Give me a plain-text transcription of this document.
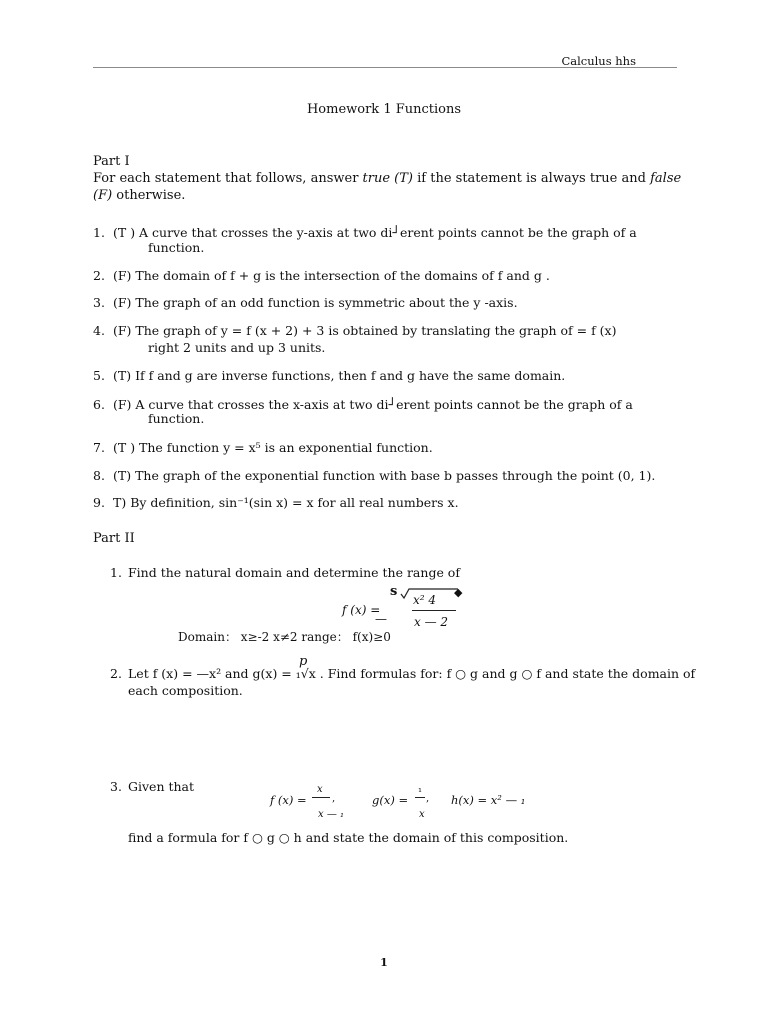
Calculus hhs
Homework 1 Functions
Part I
For each statement that follows, answer true (T) if the statement is always true and false
(F) otherwise.
1. (T ) A curve that crosses the y-axis at two di┘erent points cannot be the graph of a
function.
2. (F) The domain of f + g is the intersection of the domains of f and g .
3. (F) The graph of an odd function is symmetric about the y -axis.
4. (F) The graph of y = f (x + 2) + 3 is obtained by translating the graph of = f (x)
right 2 units and up 3 units.
5. (T) If f and g are inverse functions, then f and g have the same domain.
6. (F) A curve that crosses the x-axis at two di┘erent points cannot be the graph of a
function.
7. (T ) The function y = x⁵ is an exponential function.
8. (T) The graph of the exponential function with base b passes through the point (0, 1).
9. T) By definition, sin⁻¹(sin x) = x for all real numbers x.
Part II
1. Find the natural domain and determine the range of
s
x² 4
◆
f (x) =
— x — 2
Domain： x≥-2 x≠2 range： f(x)≥0
p
2. Let f (x) = —x² and g(x) = ₁√x . Find formulas for: f ○ g and g ○ f and state the domain of
each composition.
3. Given that	x
f (x) =	,
x — ₁
₁
g(x) = ,
x
h(x) = x² — ₁
find a formula for f ○ g ○ h and state the domain of this composition.
1
